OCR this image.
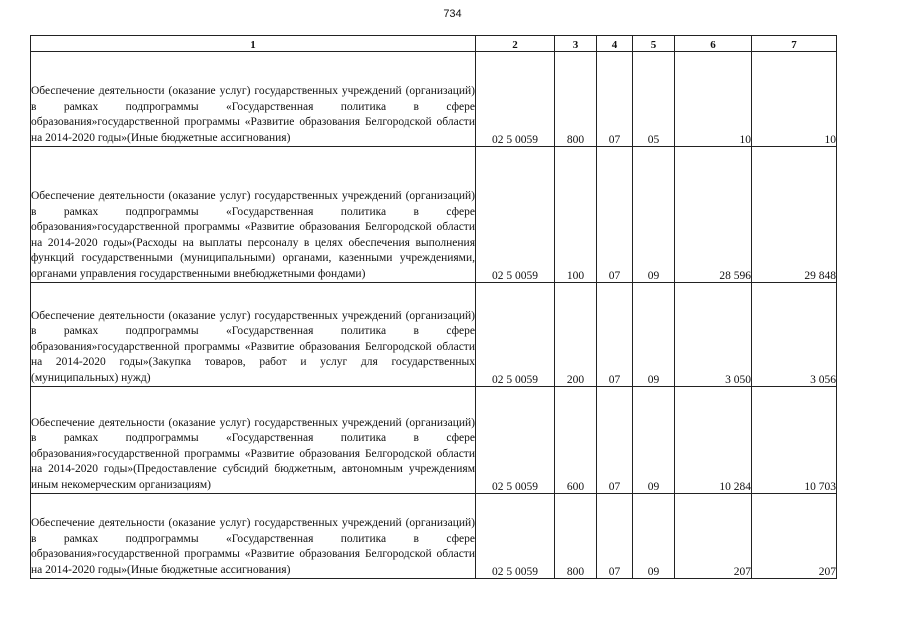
734
1	2	3	4	5	6	7
Обеспечение деятельности (оказание услуг) государственных учреждений (организаций) в рамках подпрограммы «Государственная политика в сфере образования»государственной программы «Развитие образования Белгородской области на 2014-2020 годы»(Иные бюджетные ассигнования)	02 5 0059	800	07	05	10	10
Обеспечение деятельности (оказание услуг) государственных учреждений (организаций) в рамках подпрограммы «Государственная политика в сфере образования»государственной программы «Развитие образования Белгородской области на 2014-2020 годы»(Расходы на выплаты персоналу в целях обеспечения выполнения функций государственными (муниципальными) органами, казенными учреждениями, органами управления государственными внебюджетными фондами)	02 5 0059	100	07	09	28 596	29 848
Обеспечение деятельности (оказание услуг) государственных учреждений (организаций) в рамках подпрограммы «Государственная политика в сфере образования»государственной программы «Развитие образования Белгородской области на 2014-2020 годы»(Закупка товаров, работ и услуг для государственных (муниципальных) нужд)	02 5 0059	200	07	09	3 050	3 056
Обеспечение деятельности (оказание услуг) государственных учреждений (организаций) в рамках подпрограммы «Государственная политика в сфере образования»государственной программы «Развитие образования Белгородской области на 2014-2020 годы»(Предоставление субсидий бюджетным, автономным учреждениям иным некомерческим организациям)	02 5 0059	600	07	09	10 284	10 703
Обеспечение деятельности (оказание услуг) государственных учреждений (организаций) в рамках подпрограммы «Государственная политика в сфере образования»государственной программы «Развитие образования Белгородской области на 2014-2020 годы»(Иные бюджетные ассигнования)	02 5 0059	800	07	09	207	207
